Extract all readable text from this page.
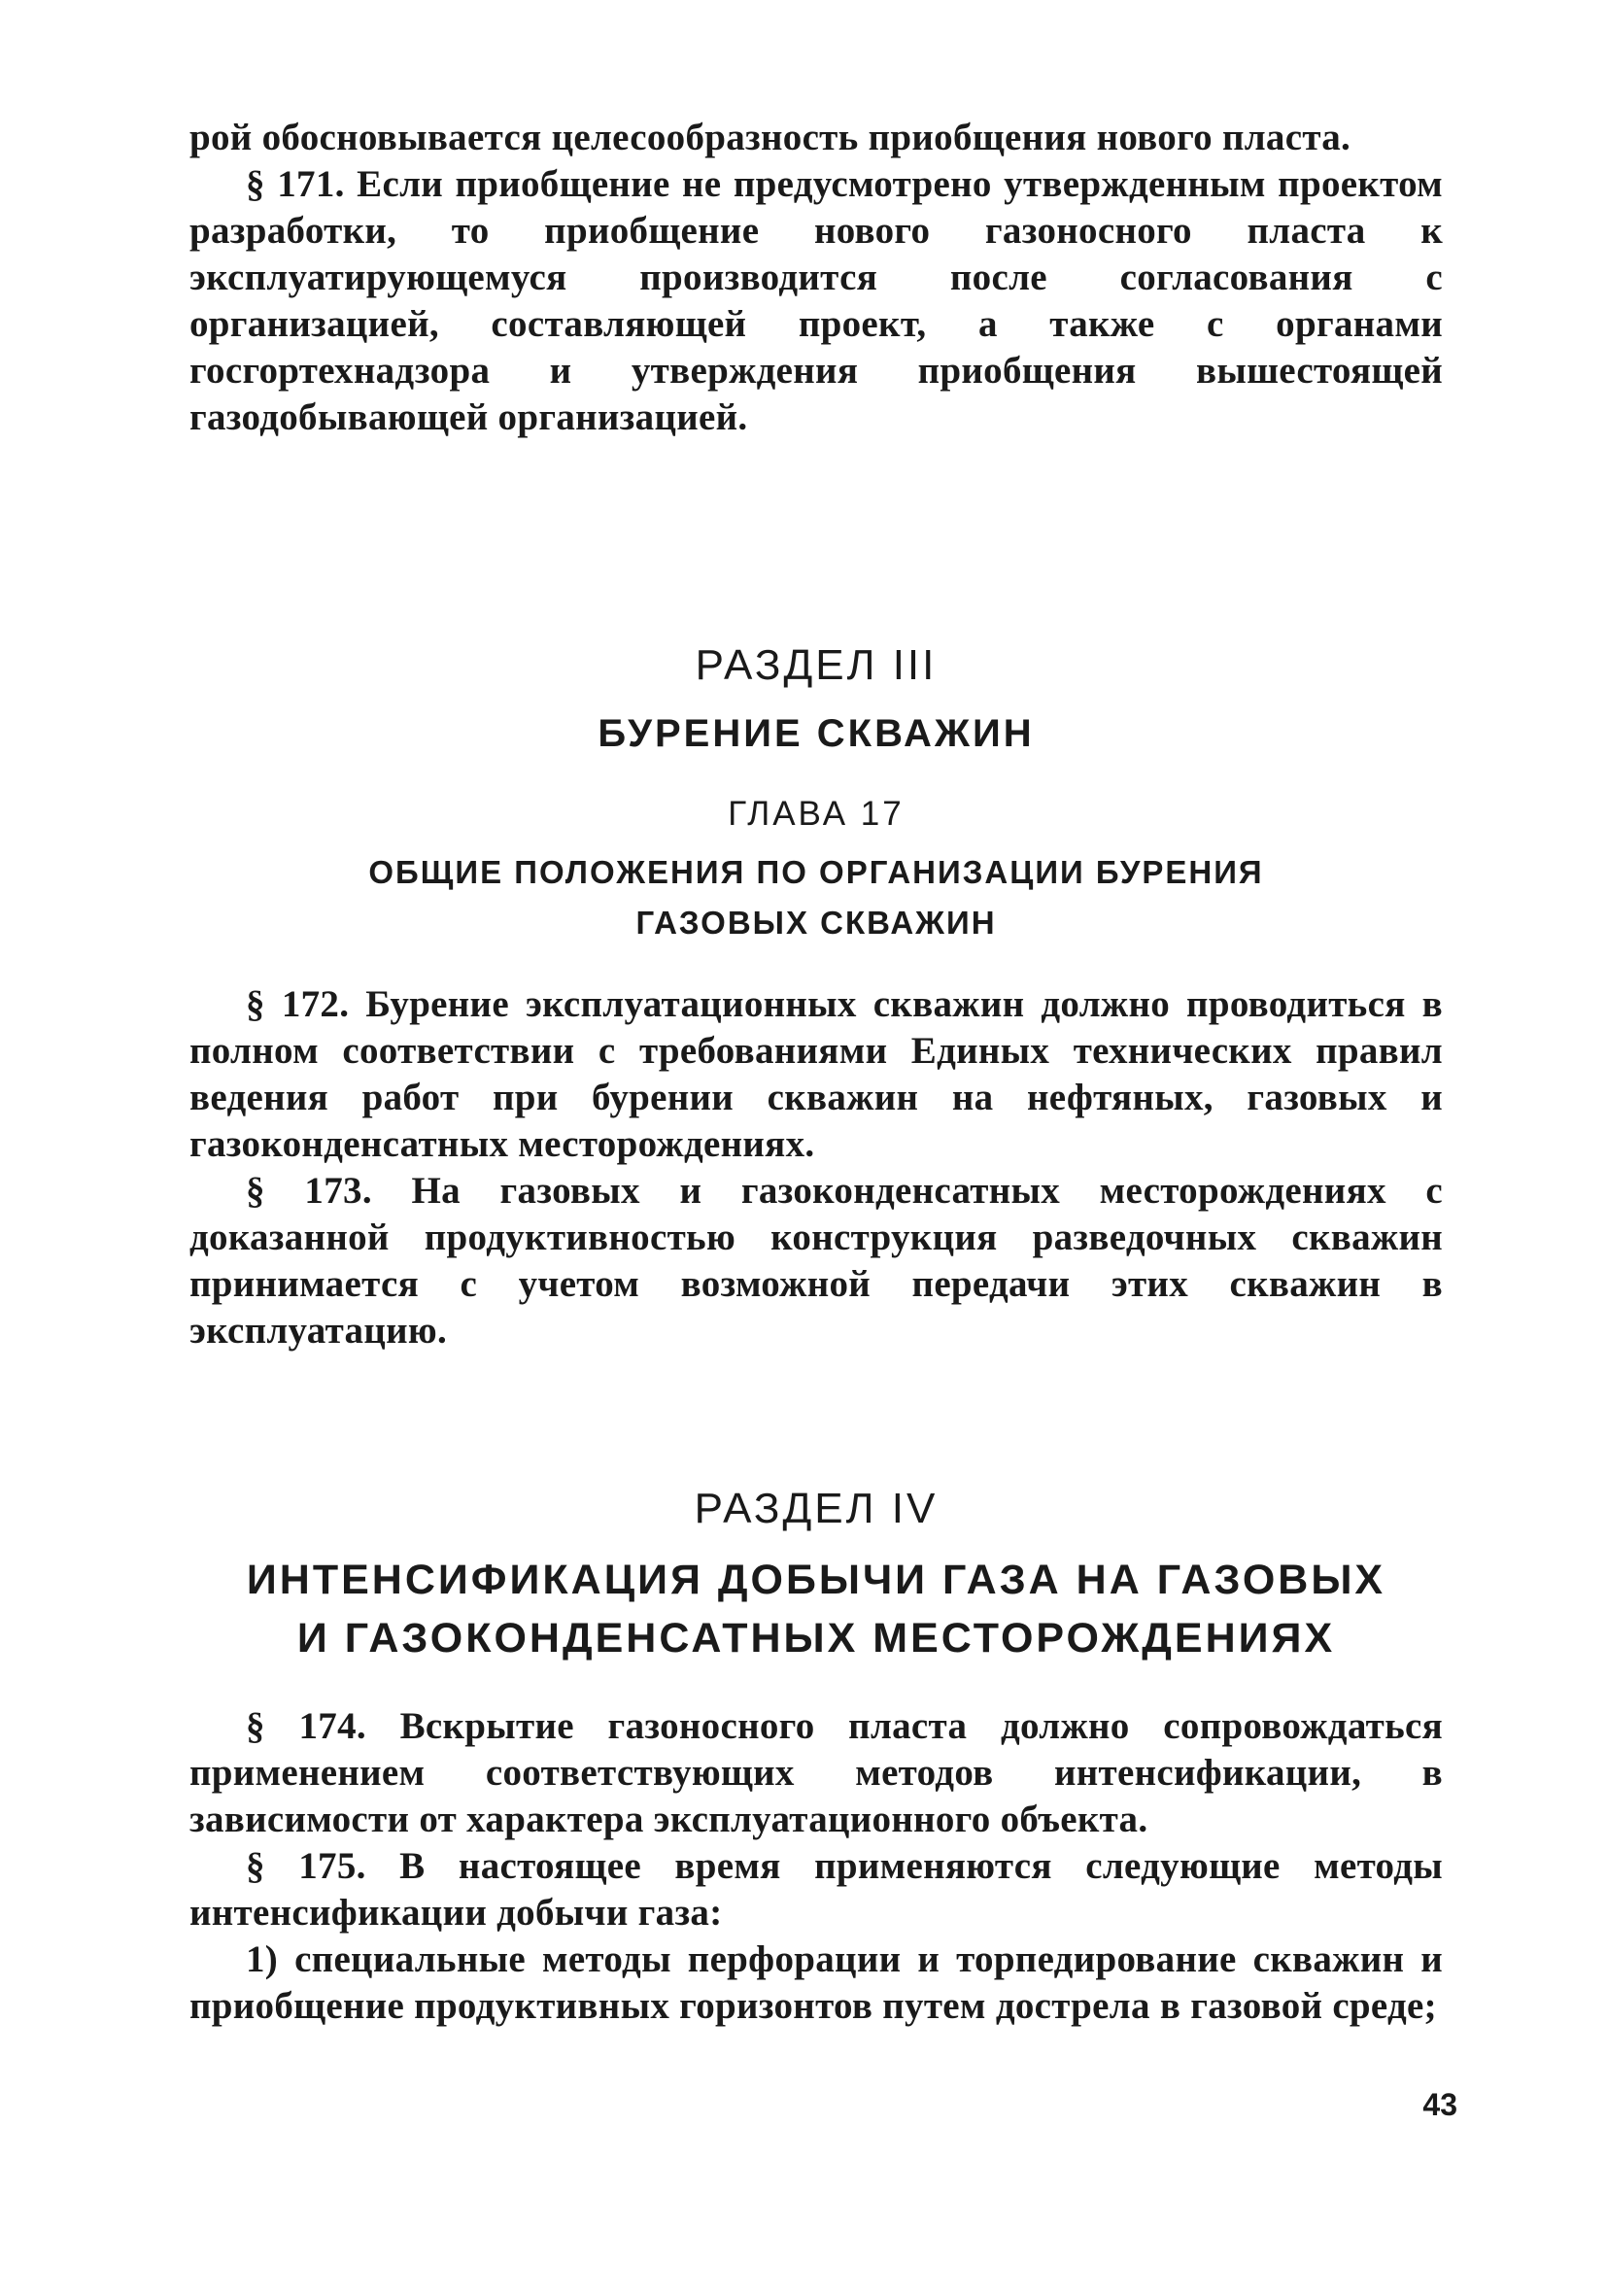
рой обосновывается целесообразность приобщения нового пласта.

§ 171. Если приобщение не предусмотрено утвержденным проектом разработки, то приобщение нового газоносного пласта к эксплуатирующемуся производится после согласования с организацией, составляющей проект, а также с органами госгортехнадзора и утверждения приобщения вышестоящей газодобывающей организацией.

РАЗДЕЛ III
БУРЕНИЕ СКВАЖИН
ГЛАВА 17
ОБЩИЕ ПОЛОЖЕНИЯ ПО ОРГАНИЗАЦИИ БУРЕНИЯ
ГАЗОВЫХ СКВАЖИН

§ 172. Бурение эксплуатационных скважин должно проводиться в полном соответствии с требованиями Единых технических правил ведения работ при бурении скважин на нефтяных, газовых и газоконденсатных месторождениях.

§ 173. На газовых и газоконденсатных месторождениях с доказанной продуктивностью конструкция разведочных скважин принимается с учетом возможной передачи этих скважин в эксплуатацию.

РАЗДЕЛ IV
ИНТЕНСИФИКАЦИЯ ДОБЫЧИ ГАЗА НА ГАЗОВЫХ
И ГАЗОКОНДЕНСАТНЫХ МЕСТОРОЖДЕНИЯХ

§ 174. Вскрытие газоносного пласта должно сопровождаться применением соответствующих методов интенсификации, в зависимости от характера эксплуатационного объекта.

§ 175. В настоящее время применяются следующие методы интенсификации добычи газа:

1) специальные методы перфорации и торпедирование скважин и приобщение продуктивных горизонтов путем дострела в газовой среде;

43
